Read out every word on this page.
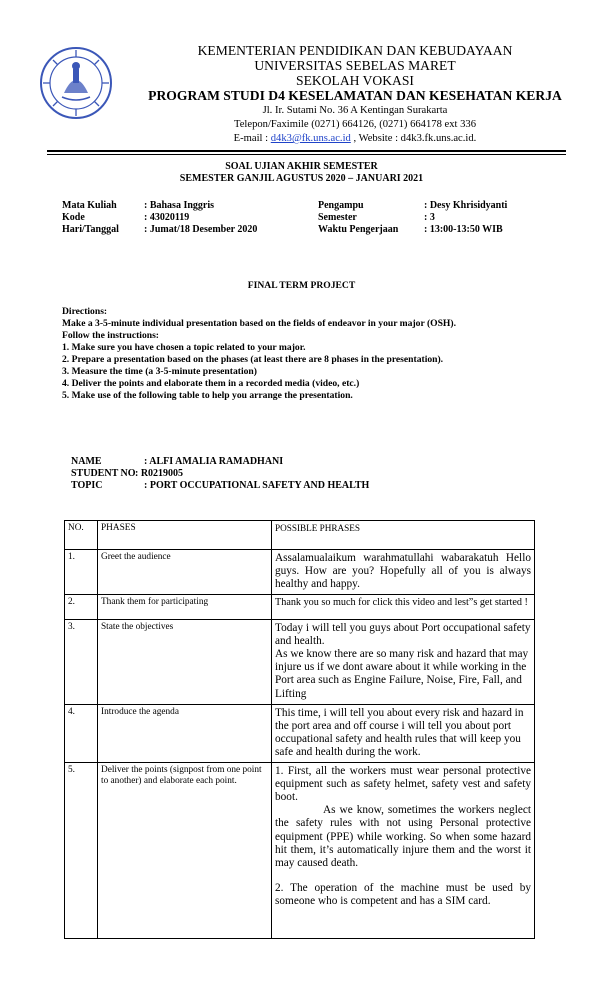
KEMENTERIAN PENDIDIKAN DAN KEBUDAYAAN
UNIVERSITAS SEBELAS MARET
SEKOLAH VOKASI
PROGRAM STUDI D4 KESELAMATAN DAN KESEHATAN KERJA
Jl. Ir. Sutami No. 36 A Kentingan Surakarta
Telepon/Faximile (0271) 664126, (0271) 664178 ext 336
E-mail : d4k3@fk.uns.ac.id , Website : d4k3.fk.uns.ac.id.
SOAL UJIAN AKHIR SEMESTER
SEMESTER GANJIL AGUSTUS 2020 – JANUARI 2021
Mata Kuliah	: Bahasa Inggris
Kode	: 43020119
Hari/Tanggal	: Jumat/18 Desember 2020
Pengampu	: Desy Khrisidyanti
Semester	: 3
Waktu Pengerjaan	: 13:00-13:50 WIB
FINAL TERM PROJECT
Directions:
Make a 3-5-minute individual presentation based on the fields of endeavor in your major (OSH).
Follow the instructions:
1. Make sure you have chosen a topic related to your major.
2. Prepare a presentation based on the phases (at least there are 8 phases in the presentation).
3. Measure the time (a 3-5-minute presentation)
4. Deliver the points and elaborate them in a recorded media (video, etc.)
5. Make use of the following table to help you arrange the presentation.
NAME	: ALFI AMALIA RAMADHANI
STUDENT NO : R0219005
TOPIC	: PORT OCCUPATIONAL SAFETY AND HEALTH
NO.	PHASES	POSSIBLE PHRASES
1.	Greet the audience	Assalamualaikum warahmatullahi wabarakatuh Hello guys. How are you? Hopefully all of you is always healthy and happy.

2.	Thank them for participating	Thank you so much for click this video and lest”s get started !

3.	State the objectives	Today i will tell you guys about Port occupational safety and health.
As we know there are so many risk and hazard that may injure us if we dont aware about it while working in the Port area such as Engine Failure, Noise, Fire, Fall, and Lifting

4.	Introduce the agenda	This time, i will tell you about every risk and hazard in the port area and off course i will tell you about port occupational safety and health rules that will keep you safe and health during the work.

5.	Deliver the points (signpost from one point to another) and elaborate each point.	1. First, all the workers must wear personal protective equipment such as safety helmet, safety vest and safety boot.
As we know, sometimes the workers neglect the safety rules with not using Personal protective equipment (PPE) while working. So when some hazard hit them, it’s automatically injure them and the worst it may caused death.
2. The operation of the machine must be used by someone who is competent and has a SIM card.
